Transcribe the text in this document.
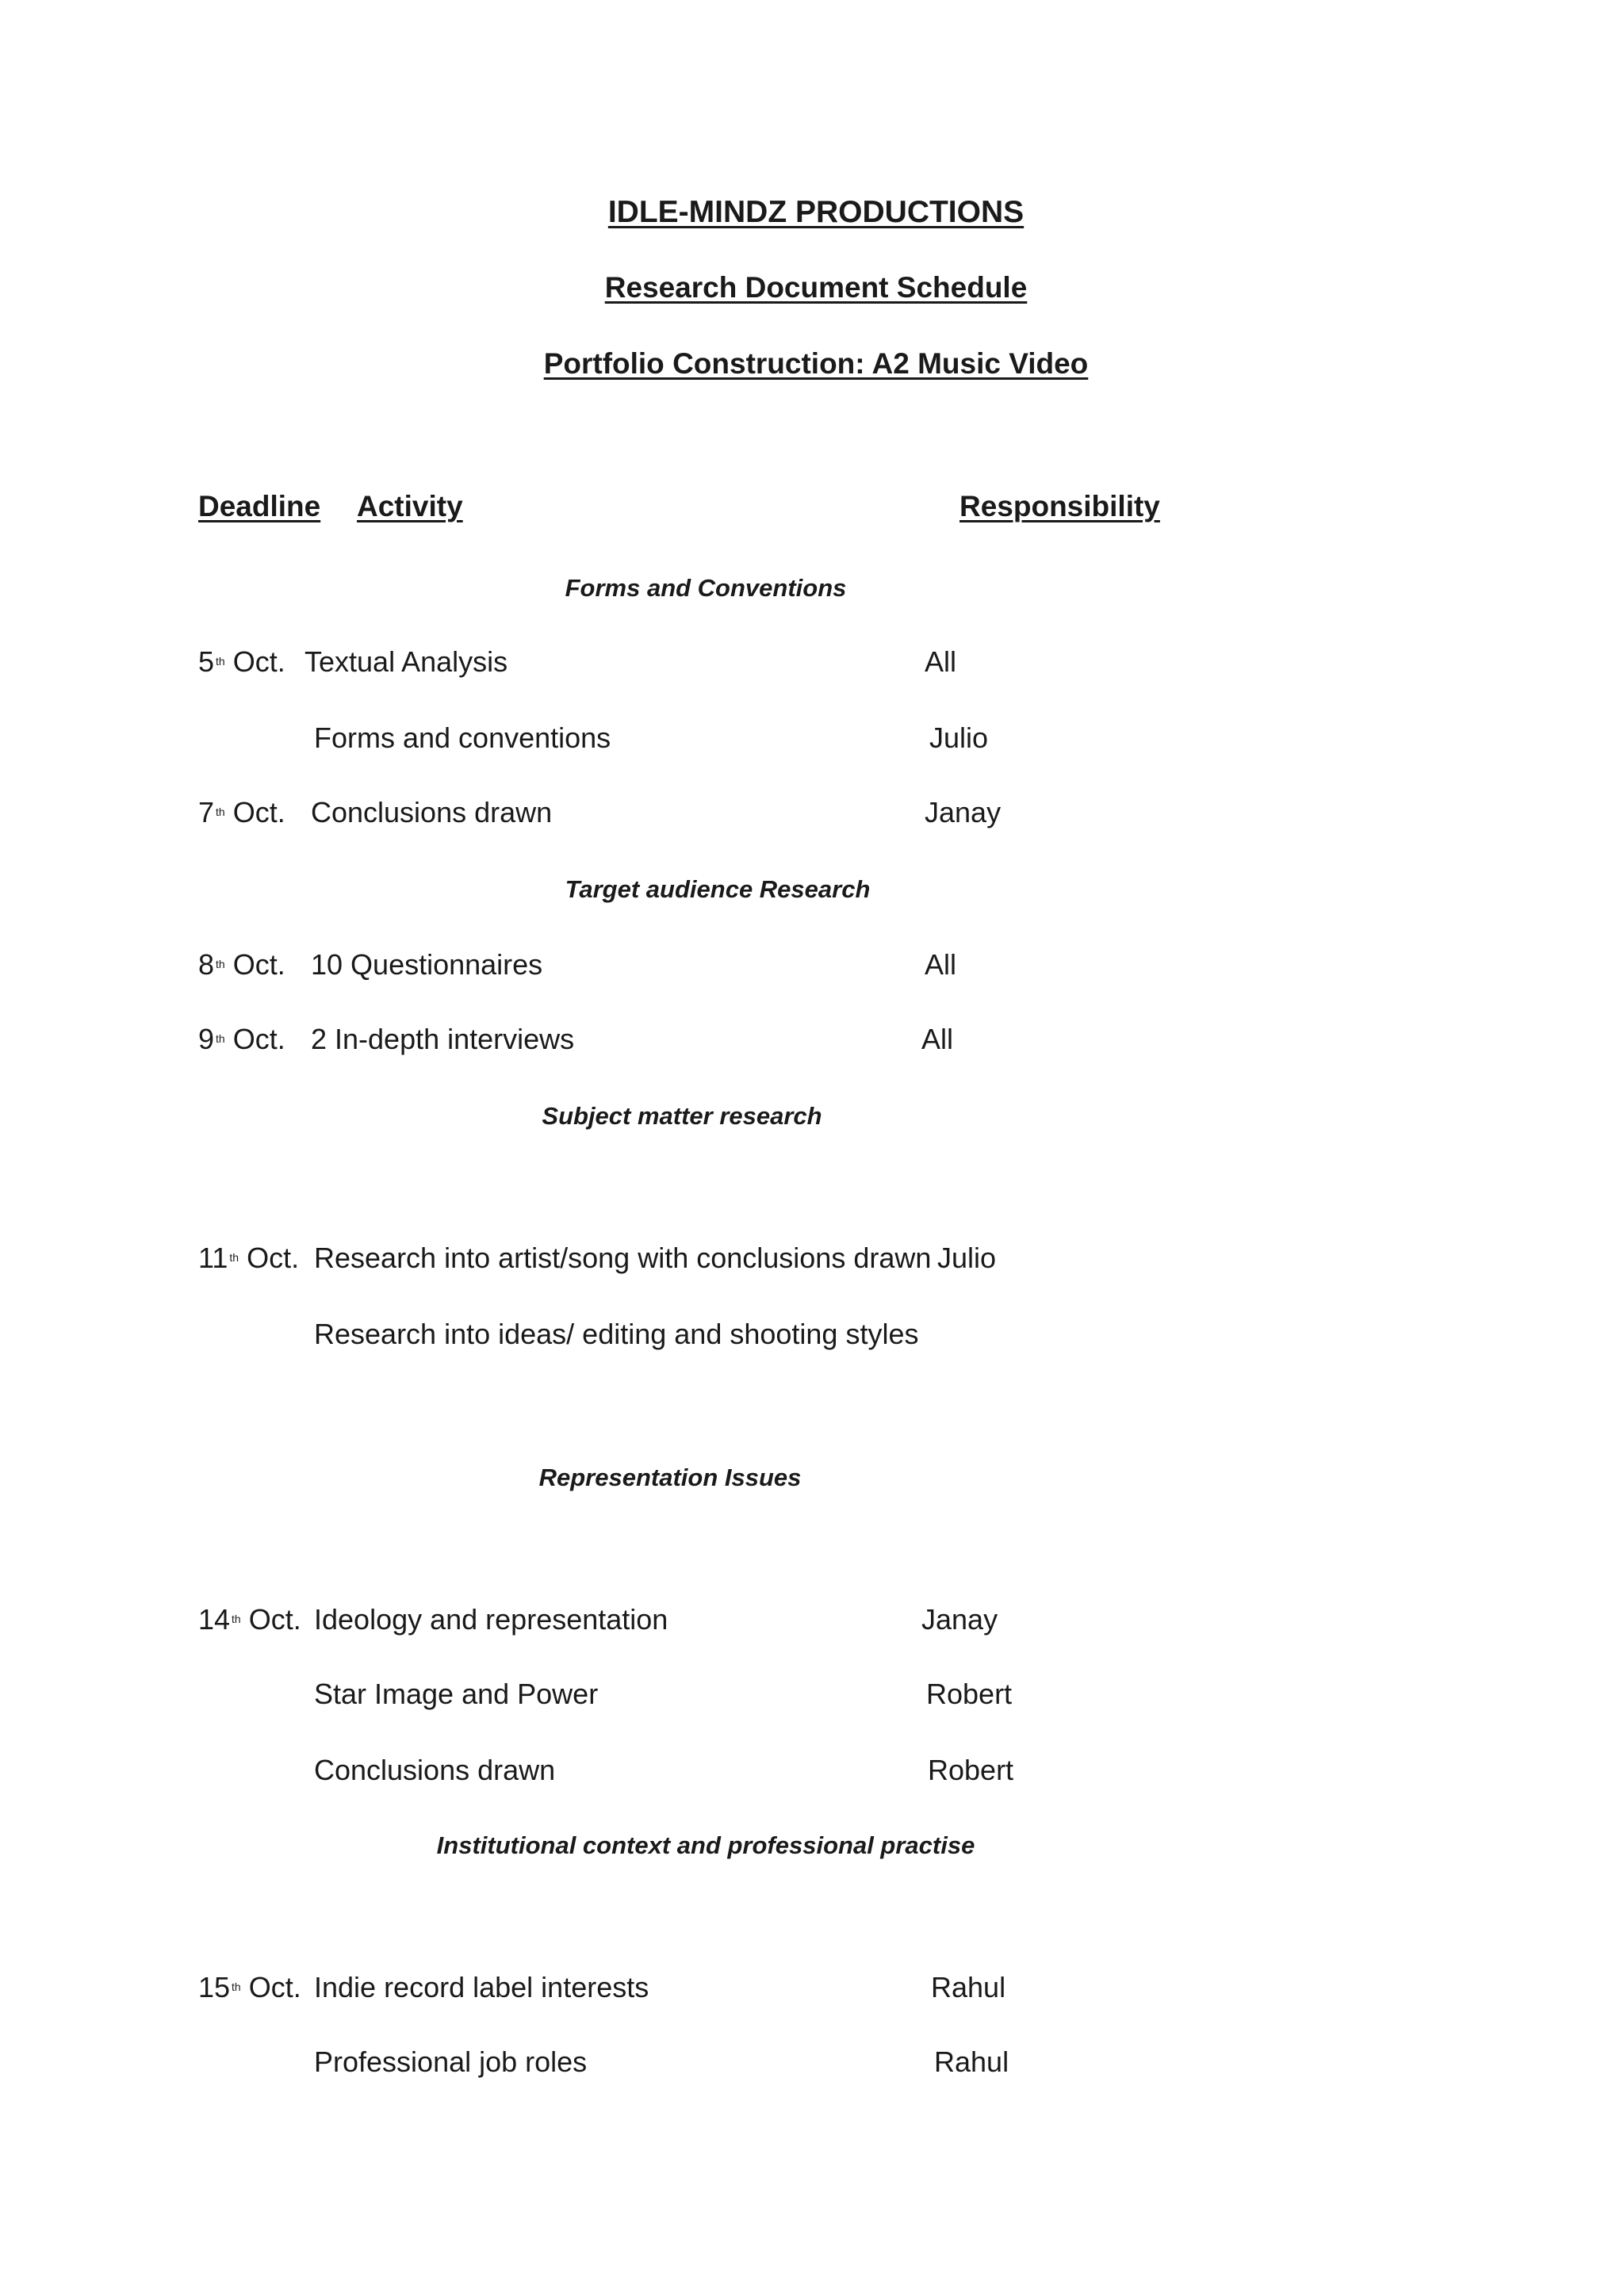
IDLE-MINDZ PRODUCTIONS
Research Document Schedule
Portfolio Construction: A2 Music Video
Deadline Activity	Responsibility
Forms and Conventions
Target audience Research
Subject matter research
Representation Issues
Institutional context and professional practise
5 $^{th}$ Oct. Textual Analysis	All
Forms and conventions	Julio
7 $^{th}$ Oct. Conclusions drawn	Janay
8 $^{th}$ Oct. 10 Questionnaires	All
9 $^{th}$ Oct. 2 In-depth interviews	All
11 $^{th}$ Oct. Research into artist/song with conclusions drawn Julio
Research into ideas/ editing and shooting styles
14 $^{th}$ Oct. Ideology and representation	Janay
Star Image and Power	Robert
Conclusions drawn	Robert
15 $^{th}$ Oct. Indie record label interests	Rahul
Professional job roles	Rahul
